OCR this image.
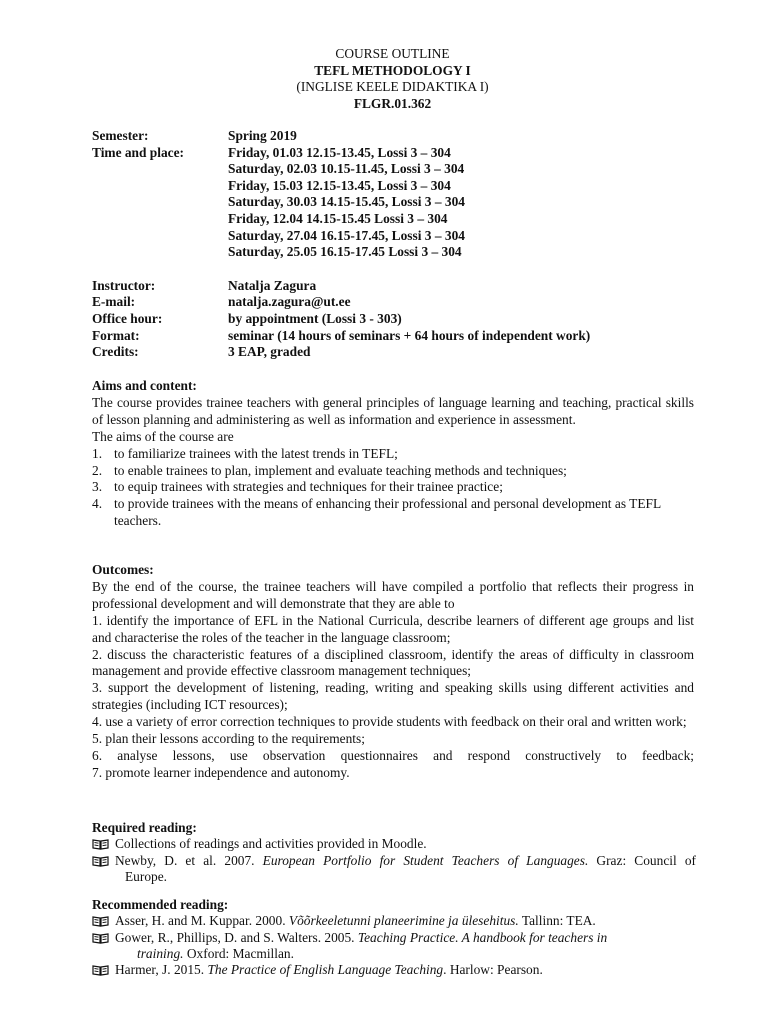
COURSE OUTLINE
TEFL METHODOLOGY I
(INGLISE KEELE DIDAKTIKA I)
FLGR.01.362
Semester:	Spring 2019
Time and place:	Friday, 01.03 12.15-13.45, Lossi 3 – 304
Saturday, 02.03 10.15-11.45, Lossi 3 – 304
Friday, 15.03 12.15-13.45, Lossi 3 – 304
Saturday, 30.03 14.15-15.45, Lossi 3 – 304
Friday, 12.04 14.15-15.45 Lossi 3 – 304
Saturday, 27.04 16.15-17.45, Lossi 3 – 304
Saturday, 25.05 16.15-17.45 Lossi 3 – 304
Instructor:	Natalja Zagura
E-mail:	natalja.zagura@ut.ee
Office hour:	by appointment (Lossi 3 - 303)
Format:	seminar (14 hours of seminars + 64 hours of independent work)
Credits:	3 EAP, graded
Aims and content:

The course provides trainee teachers with general principles of language learning and teaching, practical skills of lesson planning and administering as well as information and experience in assessment.

The aims of the course are

1. to familiarize trainees with the latest trends in TEFL;
2. to enable trainees to plan, implement and evaluate teaching methods and techniques;
3. to equip trainees with strategies and techniques for their trainee practice;
4. to provide trainees with the means of enhancing their professional and personal development as TEFL teachers.
Outcomes:

By the end of the course, the trainee teachers will have compiled a portfolio that reflects their progress in professional development and will demonstrate that they are able to

1. identify the importance of EFL in the National Curricula, describe learners of different age groups and list and characterise the roles of the teacher in the language classroom;

2. discuss the characteristic features of a disciplined classroom, identify the areas of difficulty in classroom management and provide effective classroom management techniques;

3. support the development of listening, reading, writing and speaking skills using different activities and strategies (including ICT resources);

4. use a variety of error correction techniques to provide students with feedback on their oral and written work;

5. plan their lessons according to the requirements;

6. analyse lessons, use observation questionnaires and respond constructively to feedback;

7. promote learner independence and autonomy.

Required reading:
Collections of readings and activities provided in Moodle.
Newby, D. et al. 2007. European Portfolio for Student Teachers of Languages. Graz: Council of
Europe.
Recommended reading:
Asser, H. and M. Kuppar. 2000. Võõrkeeletunni planeerimine ja ülesehitus. Tallinn: TEA.
Gower, R., Phillips, D. and S. Walters. 2005. Teaching Practice. A handbook for teachers in
training. Oxford: Macmillan.
Harmer, J. 2015. The Practice of English Language Teaching. Harlow: Pearson.
